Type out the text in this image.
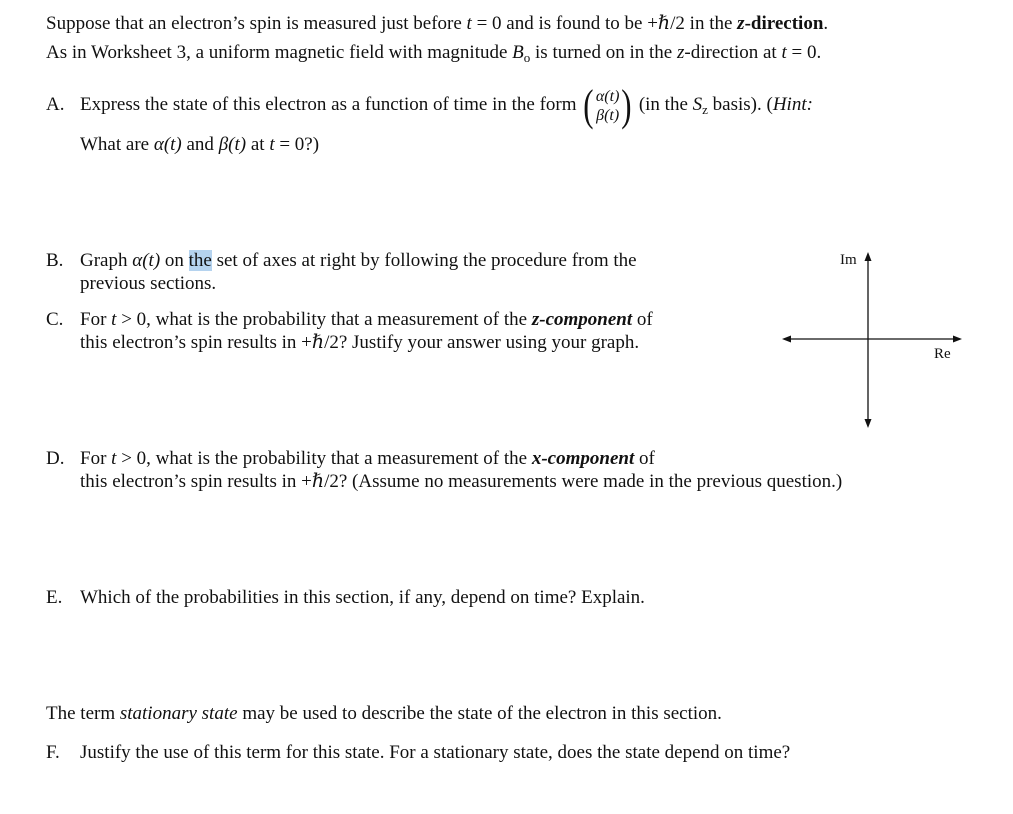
Suppose that an electron’s spin is measured just before t = 0 and is found to be +ℏ/2 in the z-direction.
As in Worksheet 3, a uniform magnetic field with magnitude $B_o$ is turned on in the z-direction at t = 0.
A. Express the state of this electron as a function of time in the form ( α(t)
β(t)) (in the $S_z$ basis). (Hint:
What are α(t) and β(t) at t = 0?)
B. Graph α(t) on the set of axes at right by following the procedure from the
previous sections.
C. For t > 0, what is the probability that a measurement of the z-component of
this electron’s spin results in +ℏ/2? Justify your answer using your graph.
Im
Re
D. For t > 0, what is the probability that a measurement of the x-component of
this electron’s spin results in +ℏ/2? (Assume no measurements were made in the previous question.)
E. Which of the probabilities in this section, if any, depend on time? Explain.
The term stationary state may be used to describe the state of the electron in this section.
F. Justify the use of this term for this state. For a stationary state, does the state depend on time?
